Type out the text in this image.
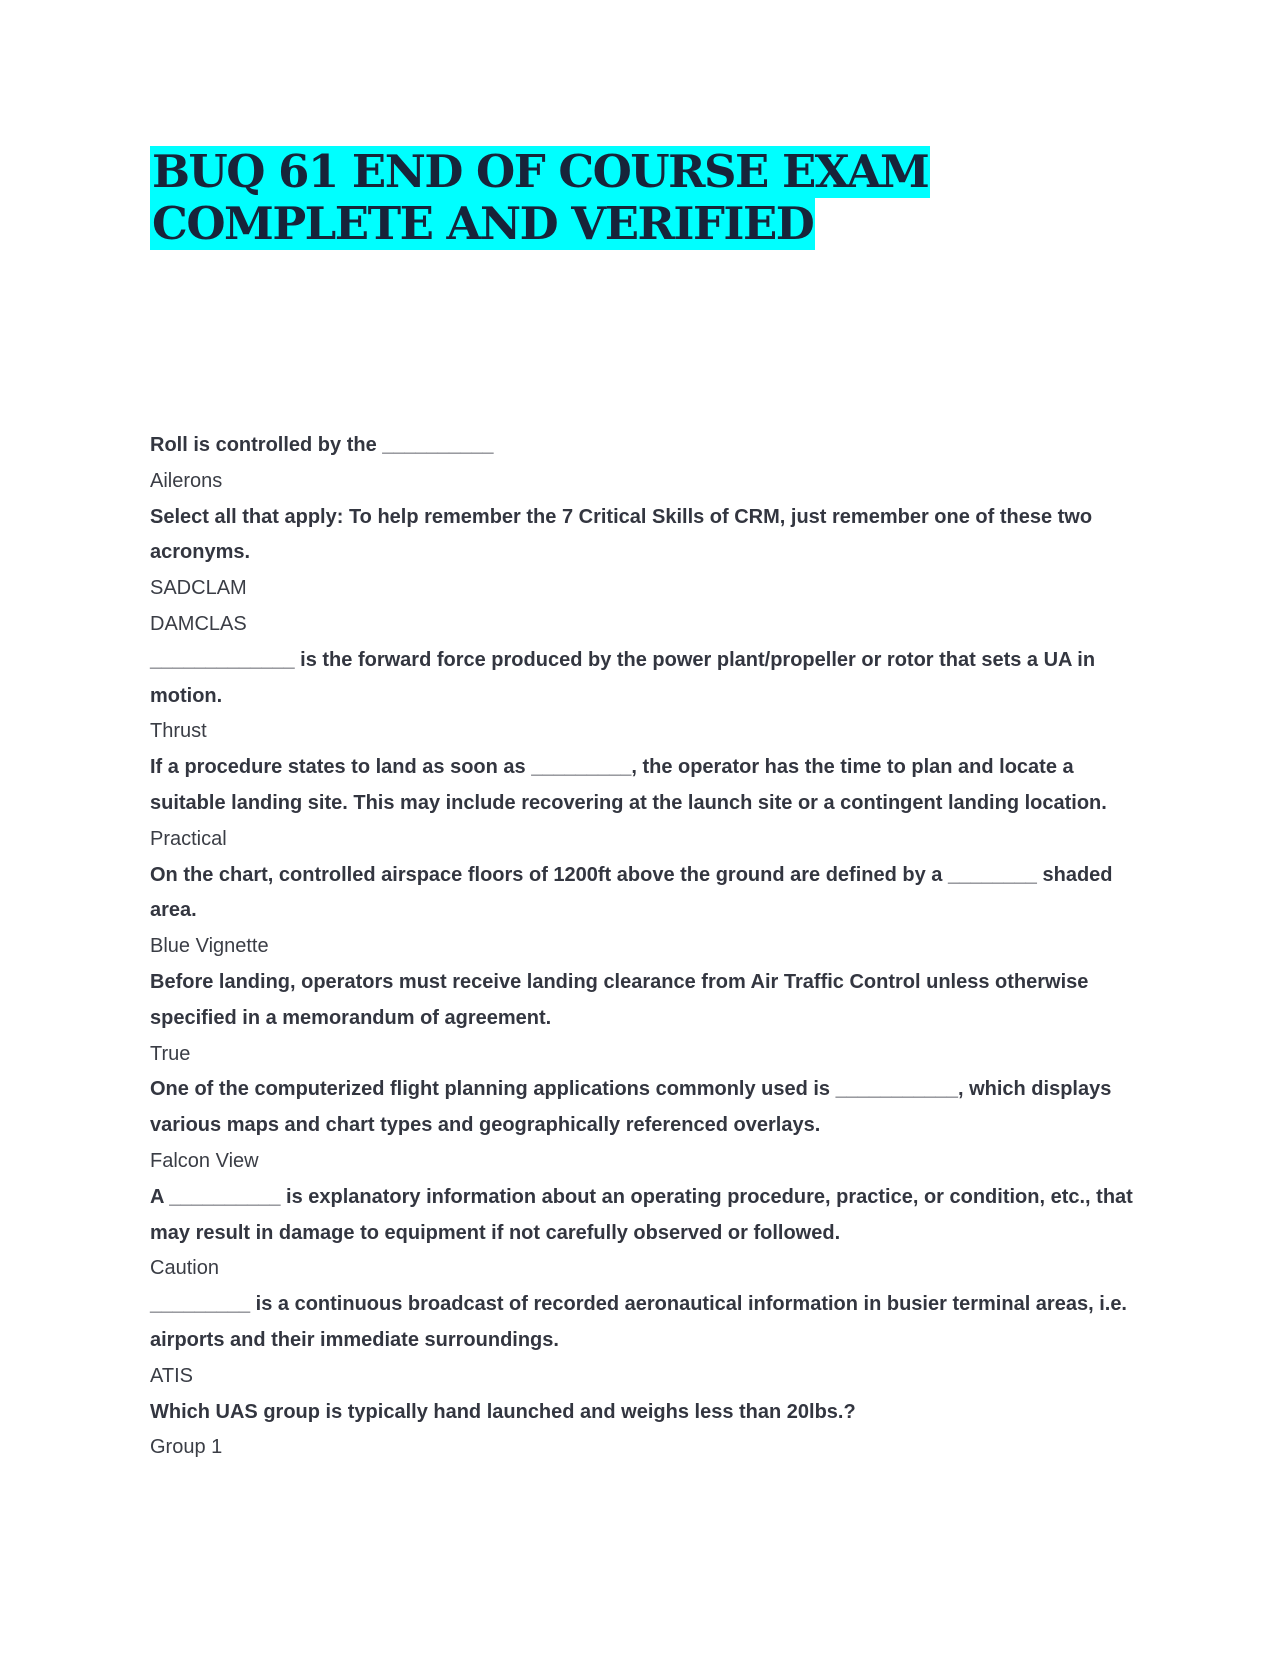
BUQ 61 END OF COURSE EXAM
COMPLETE AND VERIFIED

Roll is controlled by the __________

Ailerons

Select all that apply: To help remember the 7 Critical Skills of CRM, just remember one of these two acronyms.

SADCLAM

DAMCLAS

_____________ is the forward force produced by the power plant/propeller or rotor that sets a UA in motion.

Thrust

If a procedure states to land as soon as _________, the operator has the time to plan and locate a suitable landing site. This may include recovering at the launch site or a contingent landing location.

Practical

On the chart, controlled airspace floors of 1200ft above the ground are defined by a ________ shaded area.

Blue Vignette

Before landing, operators must receive landing clearance from Air Traffic Control unless otherwise specified in a memorandum of agreement.

True

One of the computerized flight planning applications commonly used is ___________, which displays various maps and chart types and geographically referenced overlays.

Falcon View

A __________ is explanatory information about an operating procedure, practice, or condition, etc., that may result in damage to equipment if not carefully observed or followed.

Caution

_________ is a continuous broadcast of recorded aeronautical information in busier terminal areas, i.e. airports and their immediate surroundings.

ATIS

Which UAS group is typically hand launched and weighs less than 20lbs.?

Group 1
